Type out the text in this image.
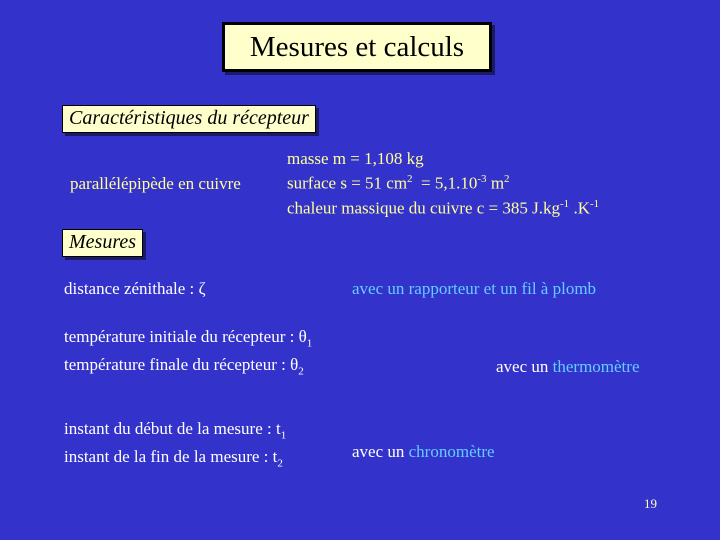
Mesures et calculs
Caractéristiques du récepteur
parallélépipède en cuivre
masse m = 1,108 kg
surface s = 51 $cm^2 = 5,1.10^{-3}$ $m^2$
chaleur massique du cuivre c = 385 $J.kg^{-1}$ $.K^{-1}$
Mesures
distance zénithale : ζ	avec un rapporteur et un fil à plomb
température initiale du récepteur : $\theta_1$
température finale du récepteur : $\theta_2$	avec un thermomètre
instant du début de la mesure : $t_1$
instant de la fin de la mesure : $t_2$
avec un chronomètre
19
